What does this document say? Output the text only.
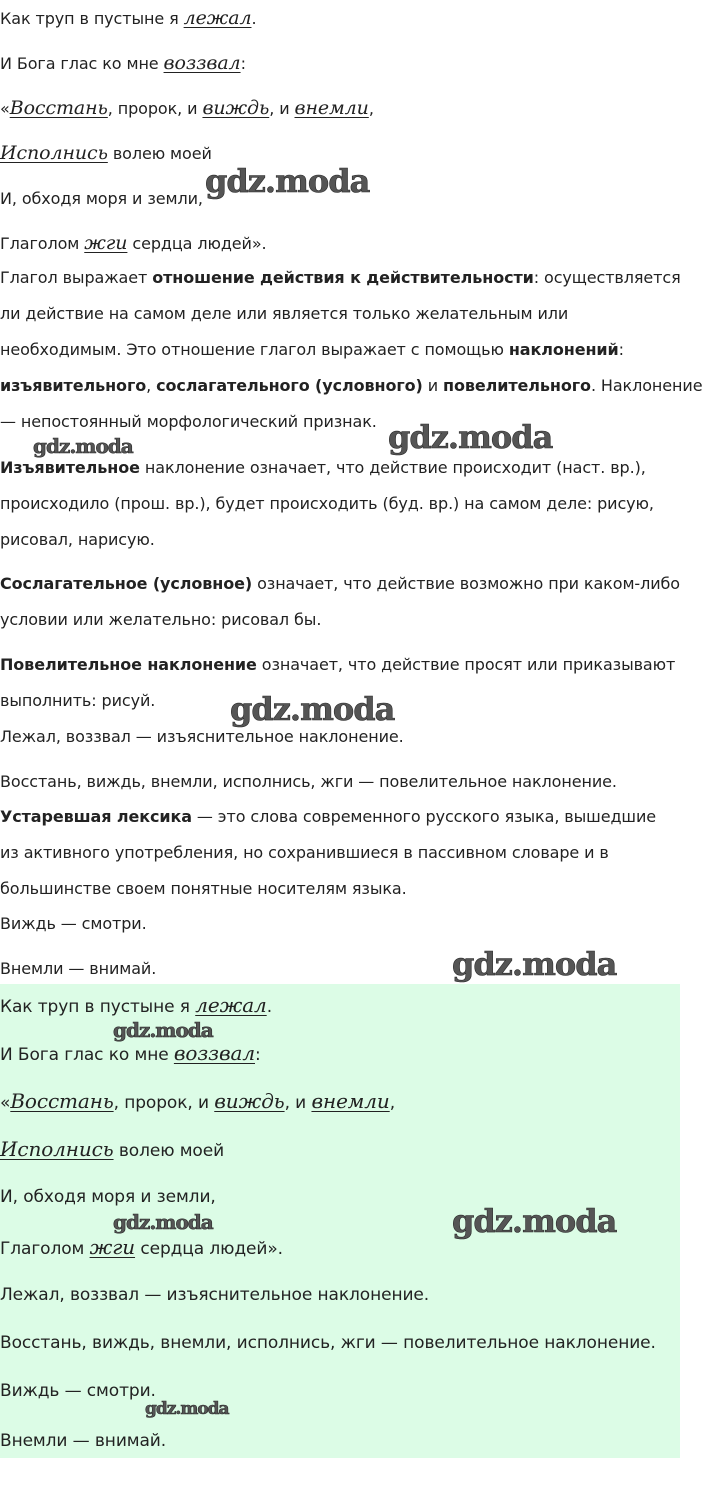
Как труп в пустыне я лежал.
И Бога глас ко мне воззвал:
«Восстань, пророк, и виждь, и внемли,
Исполнись волею моей
И, обходя моря и земли,
Глаголом жги сердца людей».
Глагол выражает отношение действия к действительности: осуществляется
ли действие на самом деле или является только желательным или
необходимым. Это отношение глагол выражает с помощью наклонений:
изъявительного, сослагательного (условного) и повелительного. Наклонение
— непостоянный морфологический признак.
Изъявительное наклонение означает, что действие происходит (наст. вр.),
происходило (прош. вр.), будет происходить (буд. вр.) на самом деле: рисую,
рисовал, нарисую.
Сослагательное (условное) означает, что действие возможно при каком-либо
условии или желательно: рисовал бы.
Повелительное наклонение означает, что действие просят или приказывают
выполнить: рисуй.
Лежал, воззвал — изъяснительное наклонение.
Восстань, виждь, внемли, исполнись, жги — повелительное наклонение.
Устаревшая лексика — это слова современного русского языка, вышедшие
из активного употребления, но сохранившиеся в пассивном словаре и в
большинстве своем понятные носителям языка.
Виждь — смотри.
Внемли — внимай.
Как труп в пустыне я лежал.
И Бога глас ко мне воззвал:
«Восстань, пророк, и виждь, и внемли,
Исполнись волею моей
И, обходя моря и земли,
Глаголом жги сердца людей».
Лежал, воззвал — изъяснительное наклонение.
Восстань, виждь, внемли, исполнись, жги — повелительное наклонение.
Виждь — смотри.
Внемли — внимай.
gdz.moda
gdz.moda	gdz.moda
gdz.moda
gdz.moda
gdz.moda
gdz.moda	gdz.moda
gdz.moda
